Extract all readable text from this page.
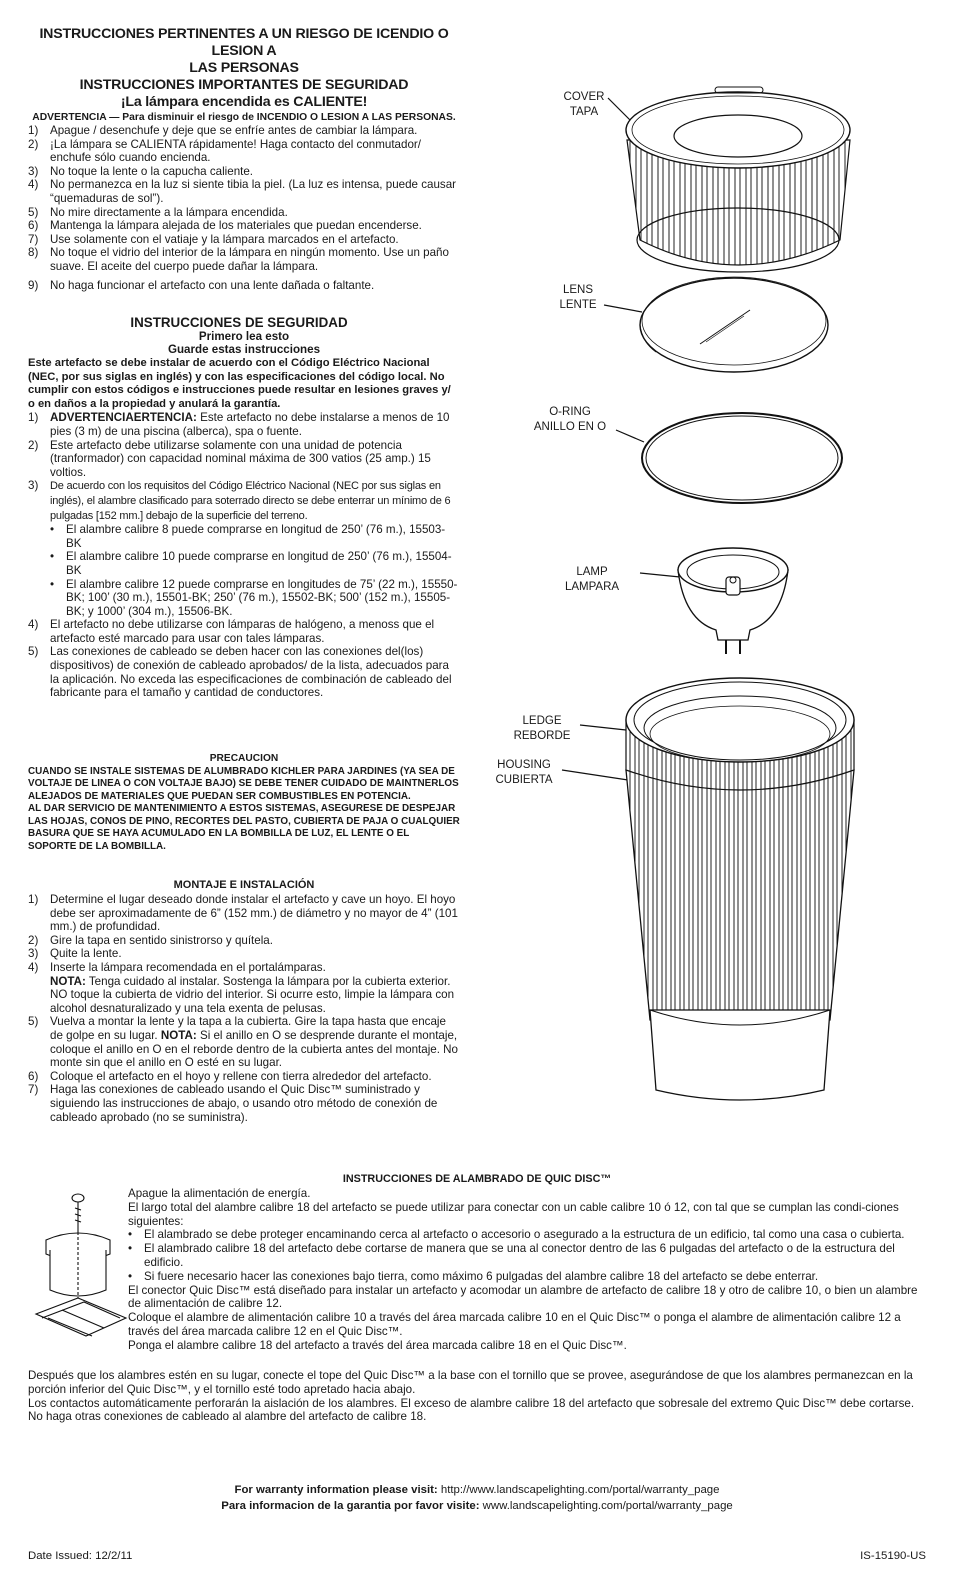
INSTRUCCIONES PERTINENTES A UN RIESGO DE ICENDIO O LESION A
LAS PERSONAS
INSTRUCCIONES IMPORTANTES DE SEGURIDAD
¡La lámpara encendida es CALIENTE!
ADVERTENCIA — Para disminuir el riesgo de INCENDIO O LESION A LAS PERSONAS.
1) Apague / desenchufe y deje que se enfríe antes de cambiar la lámpara.
2) ¡La lámpara se CALIENTA rápidamente! Haga contacto del conmutador/ enchufe sólo cuando encienda.
3) No toque la lente o la capucha caliente.
4) No permanezca en la luz si siente tibia la piel. (La luz es intensa, puede causar “quemaduras de sol”).
5) No mire directamente a la lámpara encendida.
6) Mantenga la lámpara alejada de los materiales que puedan encenderse.
7) Use solamente con el vatiaje y la lámpara marcados en el artefacto.
8) No toque el vidrio del interior de la lámpara en ningún momento. Use un paño suave. El aceite del cuerpo puede dañar la lámpara.
9) No haga funcionar el artefacto con una lente dañada o faltante.
INSTRUCCIONES DE SEGURIDAD
Primero lea esto
Guarde estas instrucciones
Este artefacto se debe instalar de acuerdo con el Código Eléctrico Nacional (NEC, por sus siglas en inglés) y con las especificaciones del código local. No cumplir con estos códigos e instrucciones puede resultar en lesiones graves y/ o en daños a la propiedad y anulará la garantía.
1) ADVERTENCIAERTENCIA: Este artefacto no debe instalarse a menos de 10 pies (3 m) de una piscina (alberca), spa o fuente.
2) Este artefacto debe utilizarse solamente con una unidad de potencia (tranformador) con capacidad nominal máxima de 300 vatios (25 amp.) 15 voltios.
3) De acuerdo con los requisitos del Código Eléctrico Nacional (NEC por sus siglas en inglés), el alambre clasificado para soterrado directo se debe enterrar un mínimo de 6 pulgadas [152 mm.] debajo de la superficie del terreno.
•	El alambre calibre 8 puede comprarse en longitud de 250’ (76 m.), 15503-BK
•	El alambre calibre 10 puede comprarse en longitud de 250’ (76 m.), 15504-BK
•	El alambre calibre 12 puede comprarse en longitudes de 75’ (22 m.), 15550-BK; 100’ (30 m.), 15501-BK; 250’ (76 m.), 15502-BK; 500’ (152 m.), 15505-BK; y 1000’ (304 m.), 15506-BK.
4) El artefacto no debe utilizarse con lámparas de halógeno, a menoss que el artefacto esté marcado para usar con tales lámparas.
5) Las conexiones de cableado se deben hacer con las conexiones del(los) dispositivos) de conexión de cableado aprobados/ de la lista, adecuados para la aplicación. No exceda las especificaciones de combinación de cableado del fabricante para el tamaño y cantidad de conductores.
PRECAUCION
CUANDO SE INSTALE SISTEMAS DE ALUMBRADO KICHLER PARA JARDINES (YA SEA DE VOLTAJE DE LINEA O CON VOLTAJE BAJO) SE DEBE TENER CUIDADO DE MAINTNERLOS ALEJADOS DE MATERIALES QUE PUEDAN SER COMBUSTIBLES EN POTENCIA.
AL DAR SERVICIO DE MANTENIMIENTO A ESTOS SISTEMAS, ASEGURESE DE DESPEJAR LAS HOJAS, CONOS DE PINO, RECORTES DEL PASTO, CUBIERTA DE PAJA O CUALQUIER BASURA QUE SE HAYA ACUMULADO EN LA BOMBILLA DE LUZ, EL LENTE O EL SOPORTE DE LA BOMBILLA.
MONTAJE E INSTALACIÓN
1) Determine el lugar deseado donde instalar el artefacto y cave un hoyo. El hoyo debe ser aproximadamente de 6” (152 mm.) de diámetro y no mayor de 4” (101 mm.) de profundidad.
2) Gire la tapa en sentido sinistrorso y quítela.
3) Quite la lente.
4) Inserte la lámpara recomendada en el portalámparas.
NOTA: Tenga cuidado al instalar. Sostenga la lámpara por la cubierta exterior. NO toque la cubierta de vidrio del interior. Si ocurre esto, limpie la lámpara con alcohol desnaturalizado y una tela exenta de pelusas.
5) Vuelva a montar la lente y la tapa a la cubierta. Gire la tapa hasta que encaje de golpe en su lugar. NOTA: Si el anillo en O se desprende durante el montaje, coloque el anillo en O en el reborde dentro de la cubierta antes del montaje. No monte sin que el anillo en O esté en su lugar.
6) Coloque el artefacto en el hoyo y rellene con tierra alrededor del artefacto.
7) Haga las conexiones de cableado usando el Quic Disc™ suministrado y siguiendo las instrucciones de abajo, o usando otro método de conexión de cableado aprobado (no se suministra).
COVER
TAPA
LENS
LENTE
O-RING
ANILLO EN O
LAMP
LAMPARA
LEDGE
REBORDE
HOUSING
CUBIERTA
INSTRUCCIONES DE ALAMBRADO DE QUIC DISC™
Apague la alimentación de energía.
El largo total del alambre calibre 18 del artefacto se puede utilizar para conectar con un cable calibre 10 ó 12, con tal que se cumplan las condi-ciones siguientes:
• El alambrado se debe proteger encaminando cerca al artefacto o accesorio o asegurado a la estructura de un edificio, tal como una casa o cubierta.
• El alambrado calibre 18 del artefacto debe cortarse de manera que se una al conector dentro de las 6 pulgadas del artefacto o de la estructura del edificio.
• Si fuere necesario hacer las conexiones bajo tierra, como máximo 6 pulgadas del alambre calibre 18 del artefacto se debe enterrar.
El conector Quic Disc™ está diseñado para instalar un artefacto y acomodar un alambre de artefacto de calibre 18 y otro de calibre 10, o bien un alambre de alimentación de calibre 12.
Coloque el alambre de alimentación calibre 10 a través del área marcada calibre 10 en el Quic Disc™ o ponga el alambre de alimentación calibre 12 a través del área marcada calibre 12 en el Quic Disc™.
Ponga el alambre calibre 18 del artefacto a través del área marcada calibre 18 en el Quic Disc™.
Después que los alambres estén en su lugar, conecte el tope del Quic Disc™ a la base con el tornillo que se provee, asegurándose de que los alambres permanezcan en la porción inferior del Quic Disc™, y el tornillo esté todo apretado hacia abajo.
Los contactos automáticamente perforarán la aislación de los alambres. El exceso de alambre calibre 18 del artefacto que sobresale del extremo Quic Disc™ debe cortarse.
No haga otras conexiones de cableado al alambre del artefacto de calibre 18.
For warranty information please visit: http://www.landscapelighting.com/portal/warranty_page
Para informacion de la garantia por favor visite: www.landscapelighting.com/portal/warranty_page
Date Issued: 12/2/11	IS-15190-US
